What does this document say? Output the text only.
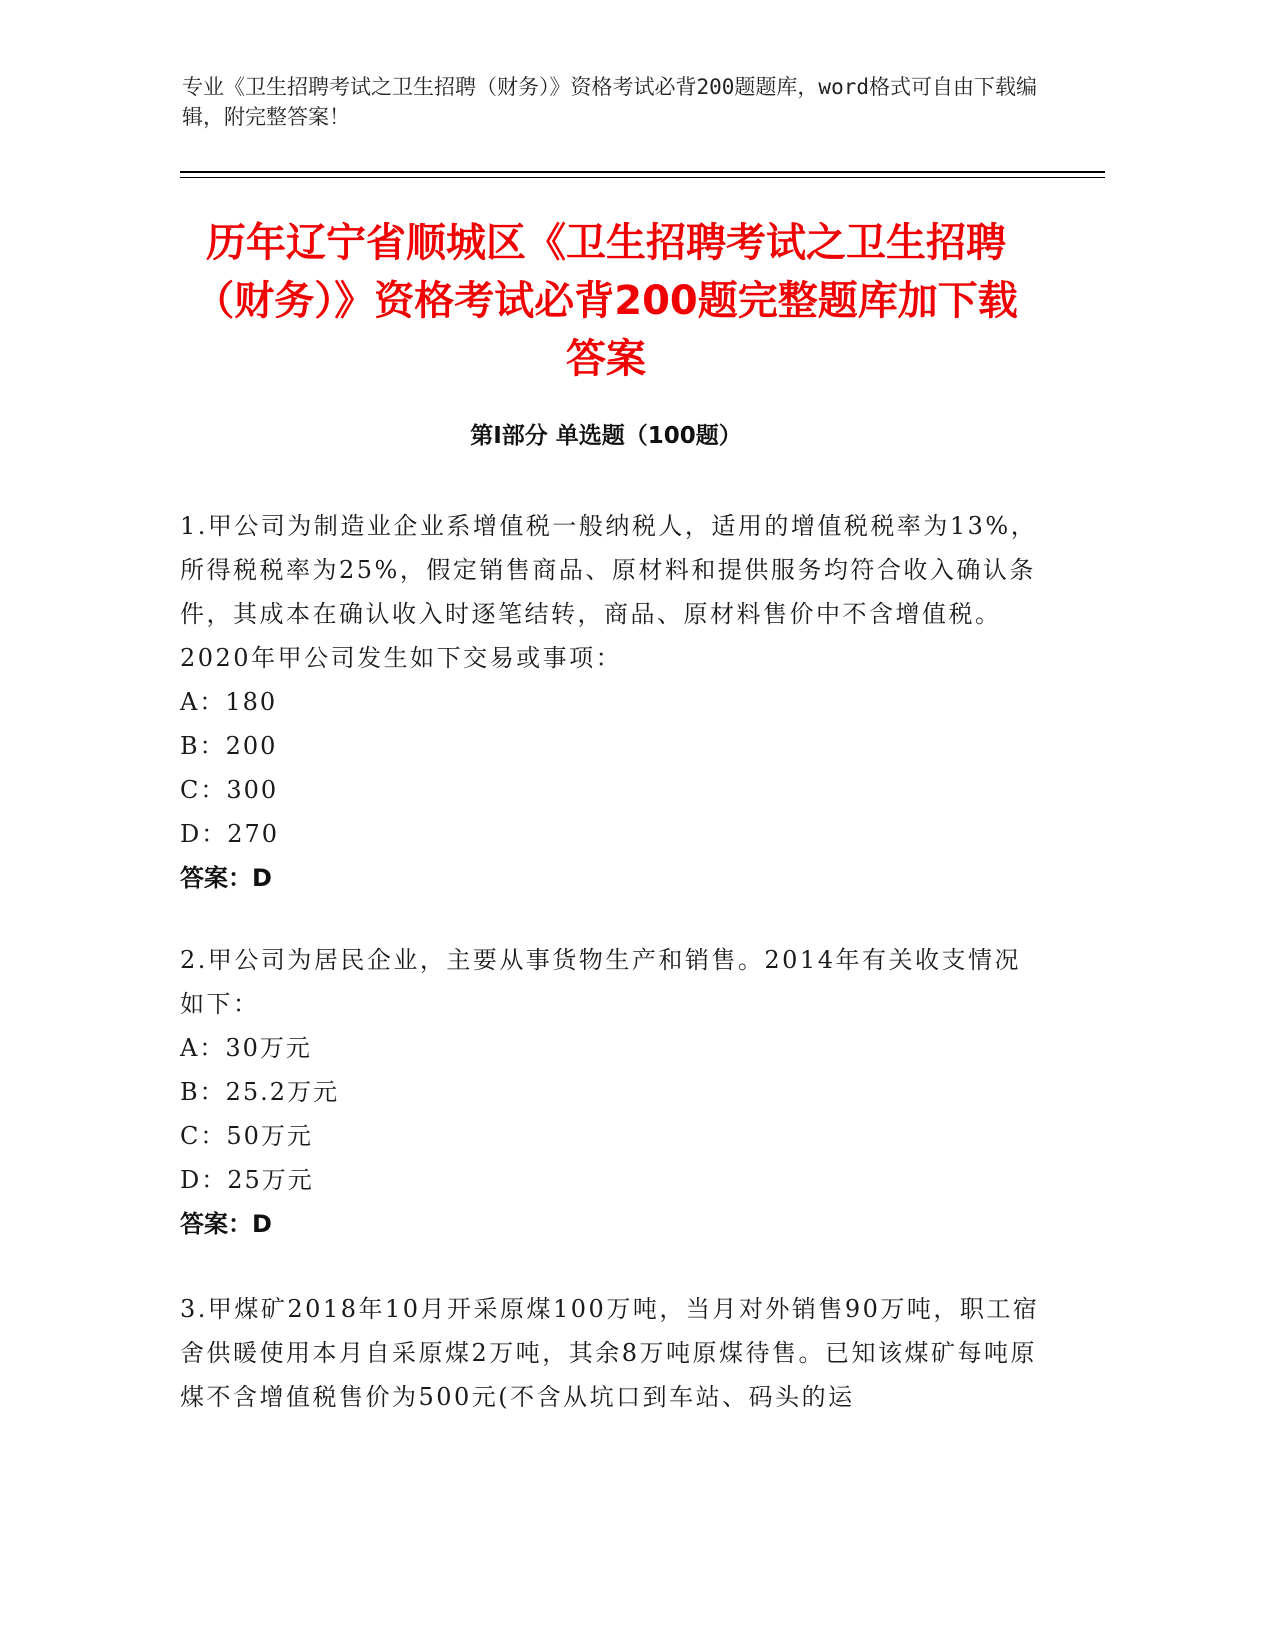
专业《卫生招聘考试之卫生招聘（财务）》资格考试必背200题题库，word格式可自由下载编辑，附完整答案！
历年辽宁省顺城区《卫生招聘考试之卫生招聘（财务）》资格考试必背200题完整题库加下载答案
第Ⅰ部分 单选题（100题）

1.甲公司为制造业企业系增值税一般纳税人，适用的增值税税率为13%，所得税税率为25%，假定销售商品、原材料和提供服务均符合收入确认条件，其成本在确认收入时逐笔结转，商品、原材料售价中不含增值税。2020年甲公司发生如下交易或事项：

A：180

B：200

C：300

D：270

答案：D

2.甲公司为居民企业，主要从事货物生产和销售。2014年有关收支情况如下：

A：30万元

B：25.2万元

C：50万元

D：25万元

答案：D

3.甲煤矿2018年10月开采原煤100万吨，当月对外销售90万吨，职工宿舍供暖使用本月自采原煤2万吨，其余8万吨原煤待售。已知该煤矿每吨原煤不含增值税售价为500元(不含从坑口到车站、码头的运
